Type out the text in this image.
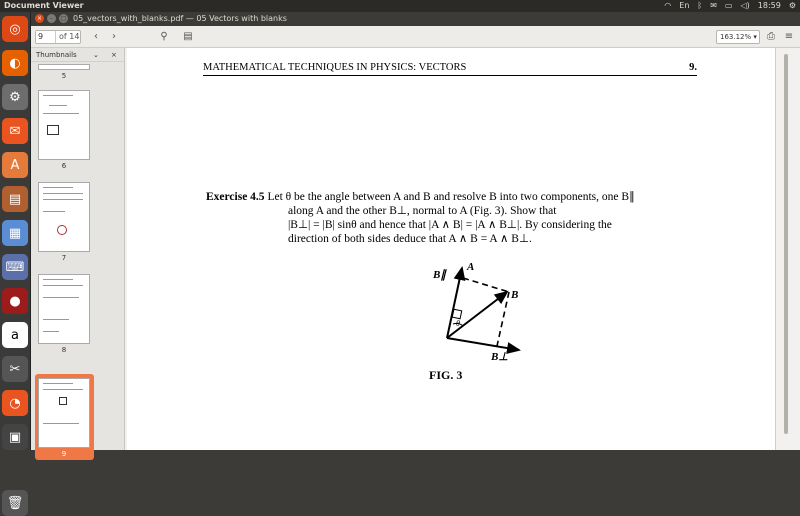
Document Viewer	◠ En ᛒ ✉ ▭ ◁) 18:59 ⚙
◎
◐
⚙
✉
A
▤
▦
⌨
●
a
✂
◔
▣
🗑
×	–	□ 05_vectors_with_blanks.pdf — 05 Vectors with blanks
9	of 14	‹	›	⚲	▤	163.12% ▾	⎙ ≡
Thumbnails ⌄ ×
5
6
7
8
9
MATHEMATICAL TECHNIQUES IN PHYSICS: VECTORS	9.
Exercise 4.5 Let θ be the angle between A and B and resolve B into two components, one B∥
along A and the other B⊥, normal to A (Fig. 3). Show that
|B⊥| = |B| sinθ and hence that |A ∧ B| = |A ∧ B⊥|. By considering the
direction of both sides deduce that A ∧ B = A ∧ B⊥.
B∥
A
B
θ
B⊥
FIG. 3
